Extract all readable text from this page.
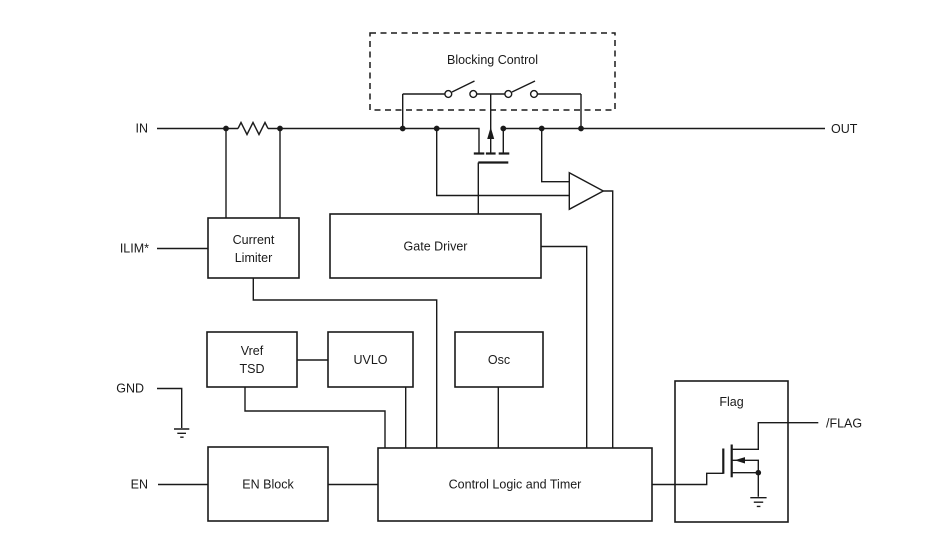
IN	OUT
ILIM*
GND
EN
/FLAG
Blocking Control
Current
Limiter
Gate Driver
Vref
TSD
UVLO	Osc
EN Block	Control Logic and Timer
Flag
